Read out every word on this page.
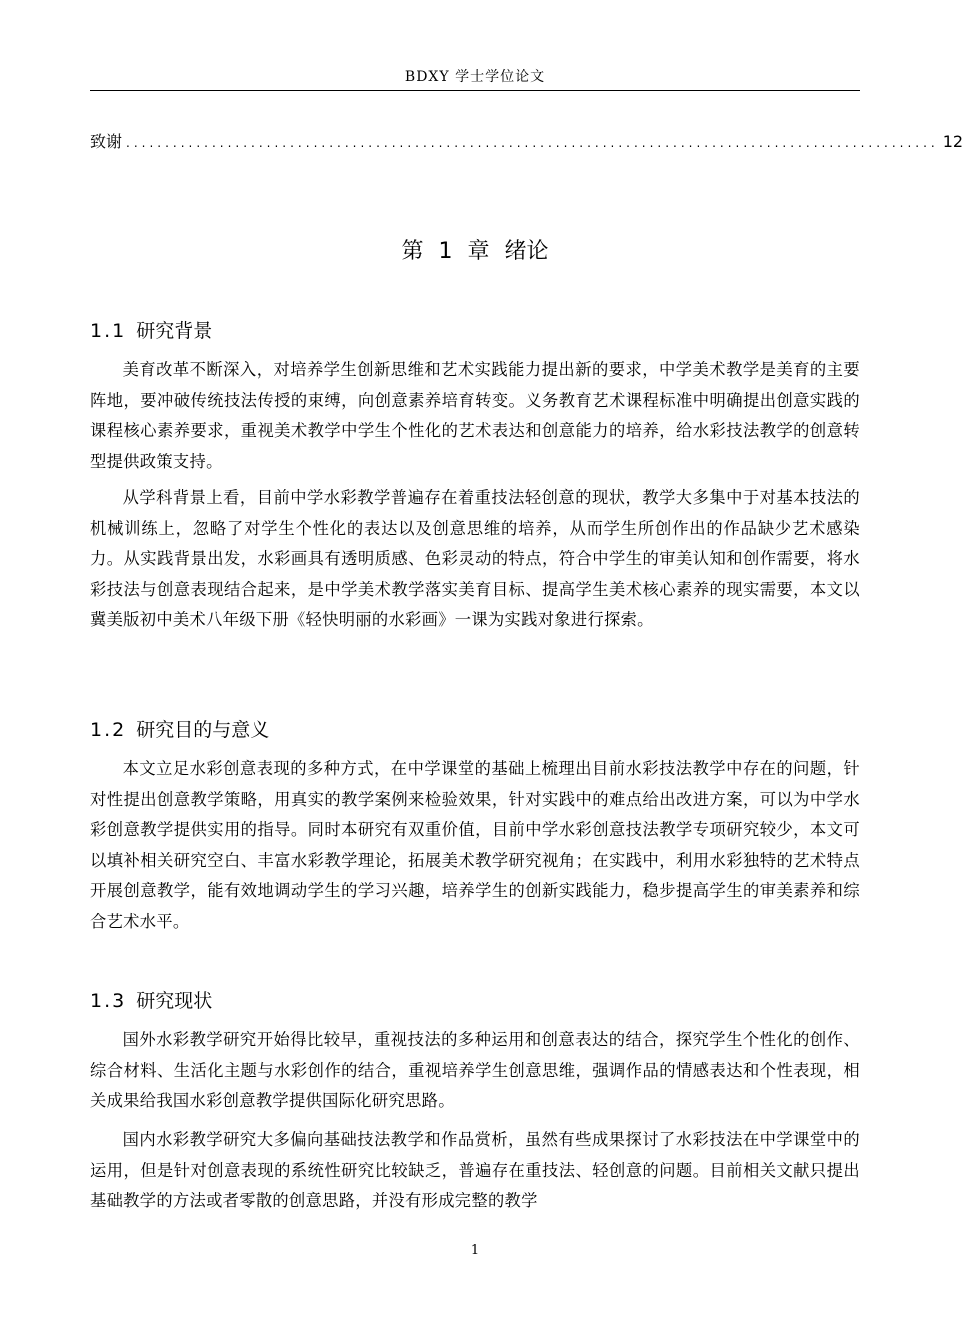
BDXY 学士学位论文
致谢 ........................................................................................................ 12
第 1 章 绪论
1.1 研究背景

美育改革不断深入，对培养学生创新思维和艺术实践能力提出新的要求，中学美术教学是美育的主要阵地，要冲破传统技法传授的束缚，向创意素养培育转变。义务教育艺术课程标准中明确提出创意实践的课程核心素养要求，重视美术教学中学生个性化的艺术表达和创意能力的培养，给水彩技法教学的创意转型提供政策支持。

从学科背景上看，目前中学水彩教学普遍存在着重技法轻创意的现状，教学大多集中于对基本技法的机械训练上，忽略了对学生个性化的表达以及创意思维的培养，从而学生所创作出的作品缺少艺术感染力。从实践背景出发，水彩画具有透明质感、色彩灵动的特点，符合中学生的审美认知和创作需要，将水彩技法与创意表现结合起来，是中学美术教学落实美育目标、提高学生美术核心素养的现实需要，本文以冀美版初中美术八年级下册《轻快明丽的水彩画》一课为实践对象进行探索。

1.2 研究目的与意义

本文立足水彩创意表现的多种方式，在中学课堂的基础上梳理出目前水彩技法教学中存在的问题，针对性提出创意教学策略，用真实的教学案例来检验效果，针对实践中的难点给出改进方案，可以为中学水彩创意教学提供实用的指导。同时本研究有双重价值，目前中学水彩创意技法教学专项研究较少，本文可以填补相关研究空白、丰富水彩教学理论，拓展美术教学研究视角；在实践中，利用水彩独特的艺术特点开展创意教学，能有效地调动学生的学习兴趣，培养学生的创新实践能力，稳步提高学生的审美素养和综合艺术水平。

1.3 研究现状

国外水彩教学研究开始得比较早，重视技法的多种运用和创意表达的结合，探究学生个性化的创作、综合材料、生活化主题与水彩创作的结合，重视培养学生创意思维，强调作品的情感表达和个性表现，相关成果给我国水彩创意教学提供国际化研究思路。

国内水彩教学研究大多偏向基础技法教学和作品赏析，虽然有些成果探讨了水彩技法在中学课堂中的运用，但是针对创意表现的系统性研究比较缺乏，普遍存在重技法、轻创意的问题。目前相关文献只提出基础教学的方法或者零散的创意思路，并没有形成完整的教学

1
